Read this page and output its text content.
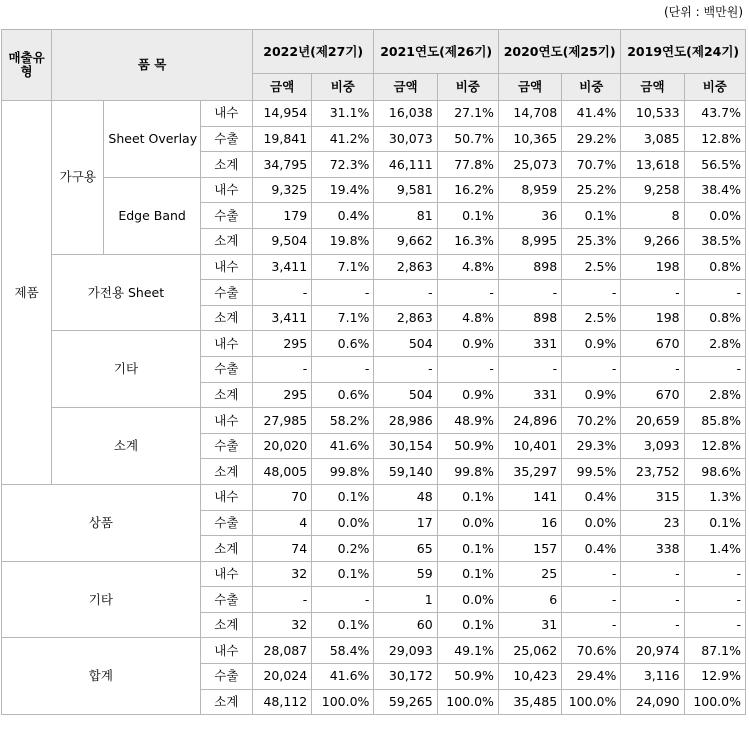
(단위 : 백만원)
매출유형	품 목			2022년(제27기)		2021연도(제26기)		2020연도(제25기)		2019연도(제24기)	
				금액	비중	금액	비중	금액	비중	금액	비중
제품	가구용	Sheet Overlay	내수	14,954	31.1%	16,038	27.1%	14,708	41.4%	10,533	43.7%
			수출	19,841	41.2%	30,073	50.7%	10,365	29.2%	3,085	12.8%
			소계	34,795	72.3%	46,111	77.8%	25,073	70.7%	13,618	56.5%
		Edge Band	내수	9,325	19.4%	9,581	16.2%	8,959	25.2%	9,258	38.4%
			수출	179	0.4%	81	0.1%	36	0.1%	8	0.0%
			소계	9,504	19.8%	9,662	16.3%	8,995	25.3%	9,266	38.5%
	가전용 Sheet		내수	3,411	7.1%	2,863	4.8%	898	2.5%	198	0.8%
			수출	-	-	-	-	-	-	-	-
			소계	3,411	7.1%	2,863	4.8%	898	2.5%	198	0.8%
	기타		내수	295	0.6%	504	0.9%	331	0.9%	670	2.8%
			수출	-	-	-	-	-	-	-	-
			소계	295	0.6%	504	0.9%	331	0.9%	670	2.8%
	소계		내수	27,985	58.2%	28,986	48.9%	24,896	70.2%	20,659	85.8%
			수출	20,020	41.6%	30,154	50.9%	10,401	29.3%	3,093	12.8%
			소계	48,005	99.8%	59,140	99.8%	35,297	99.5%	23,752	98.6%
상품			내수	70	0.1%	48	0.1%	141	0.4%	315	1.3%
			수출	4	0.0%	17	0.0%	16	0.0%	23	0.1%
			소계	74	0.2%	65	0.1%	157	0.4%	338	1.4%
기타			내수	32	0.1%	59	0.1%	25	-	-	-
			수출	-	-	1	0.0%	6	-	-	-
			소계	32	0.1%	60	0.1%	31	-	-	-
합계			내수	28,087	58.4%	29,093	49.1%	25,062	70.6%	20,974	87.1%
			수출	20,024	41.6%	30,172	50.9%	10,423	29.4%	3,116	12.9%
			소계	48,112	100.0%	59,265	100.0%	35,485	100.0%	24,090	100.0%
